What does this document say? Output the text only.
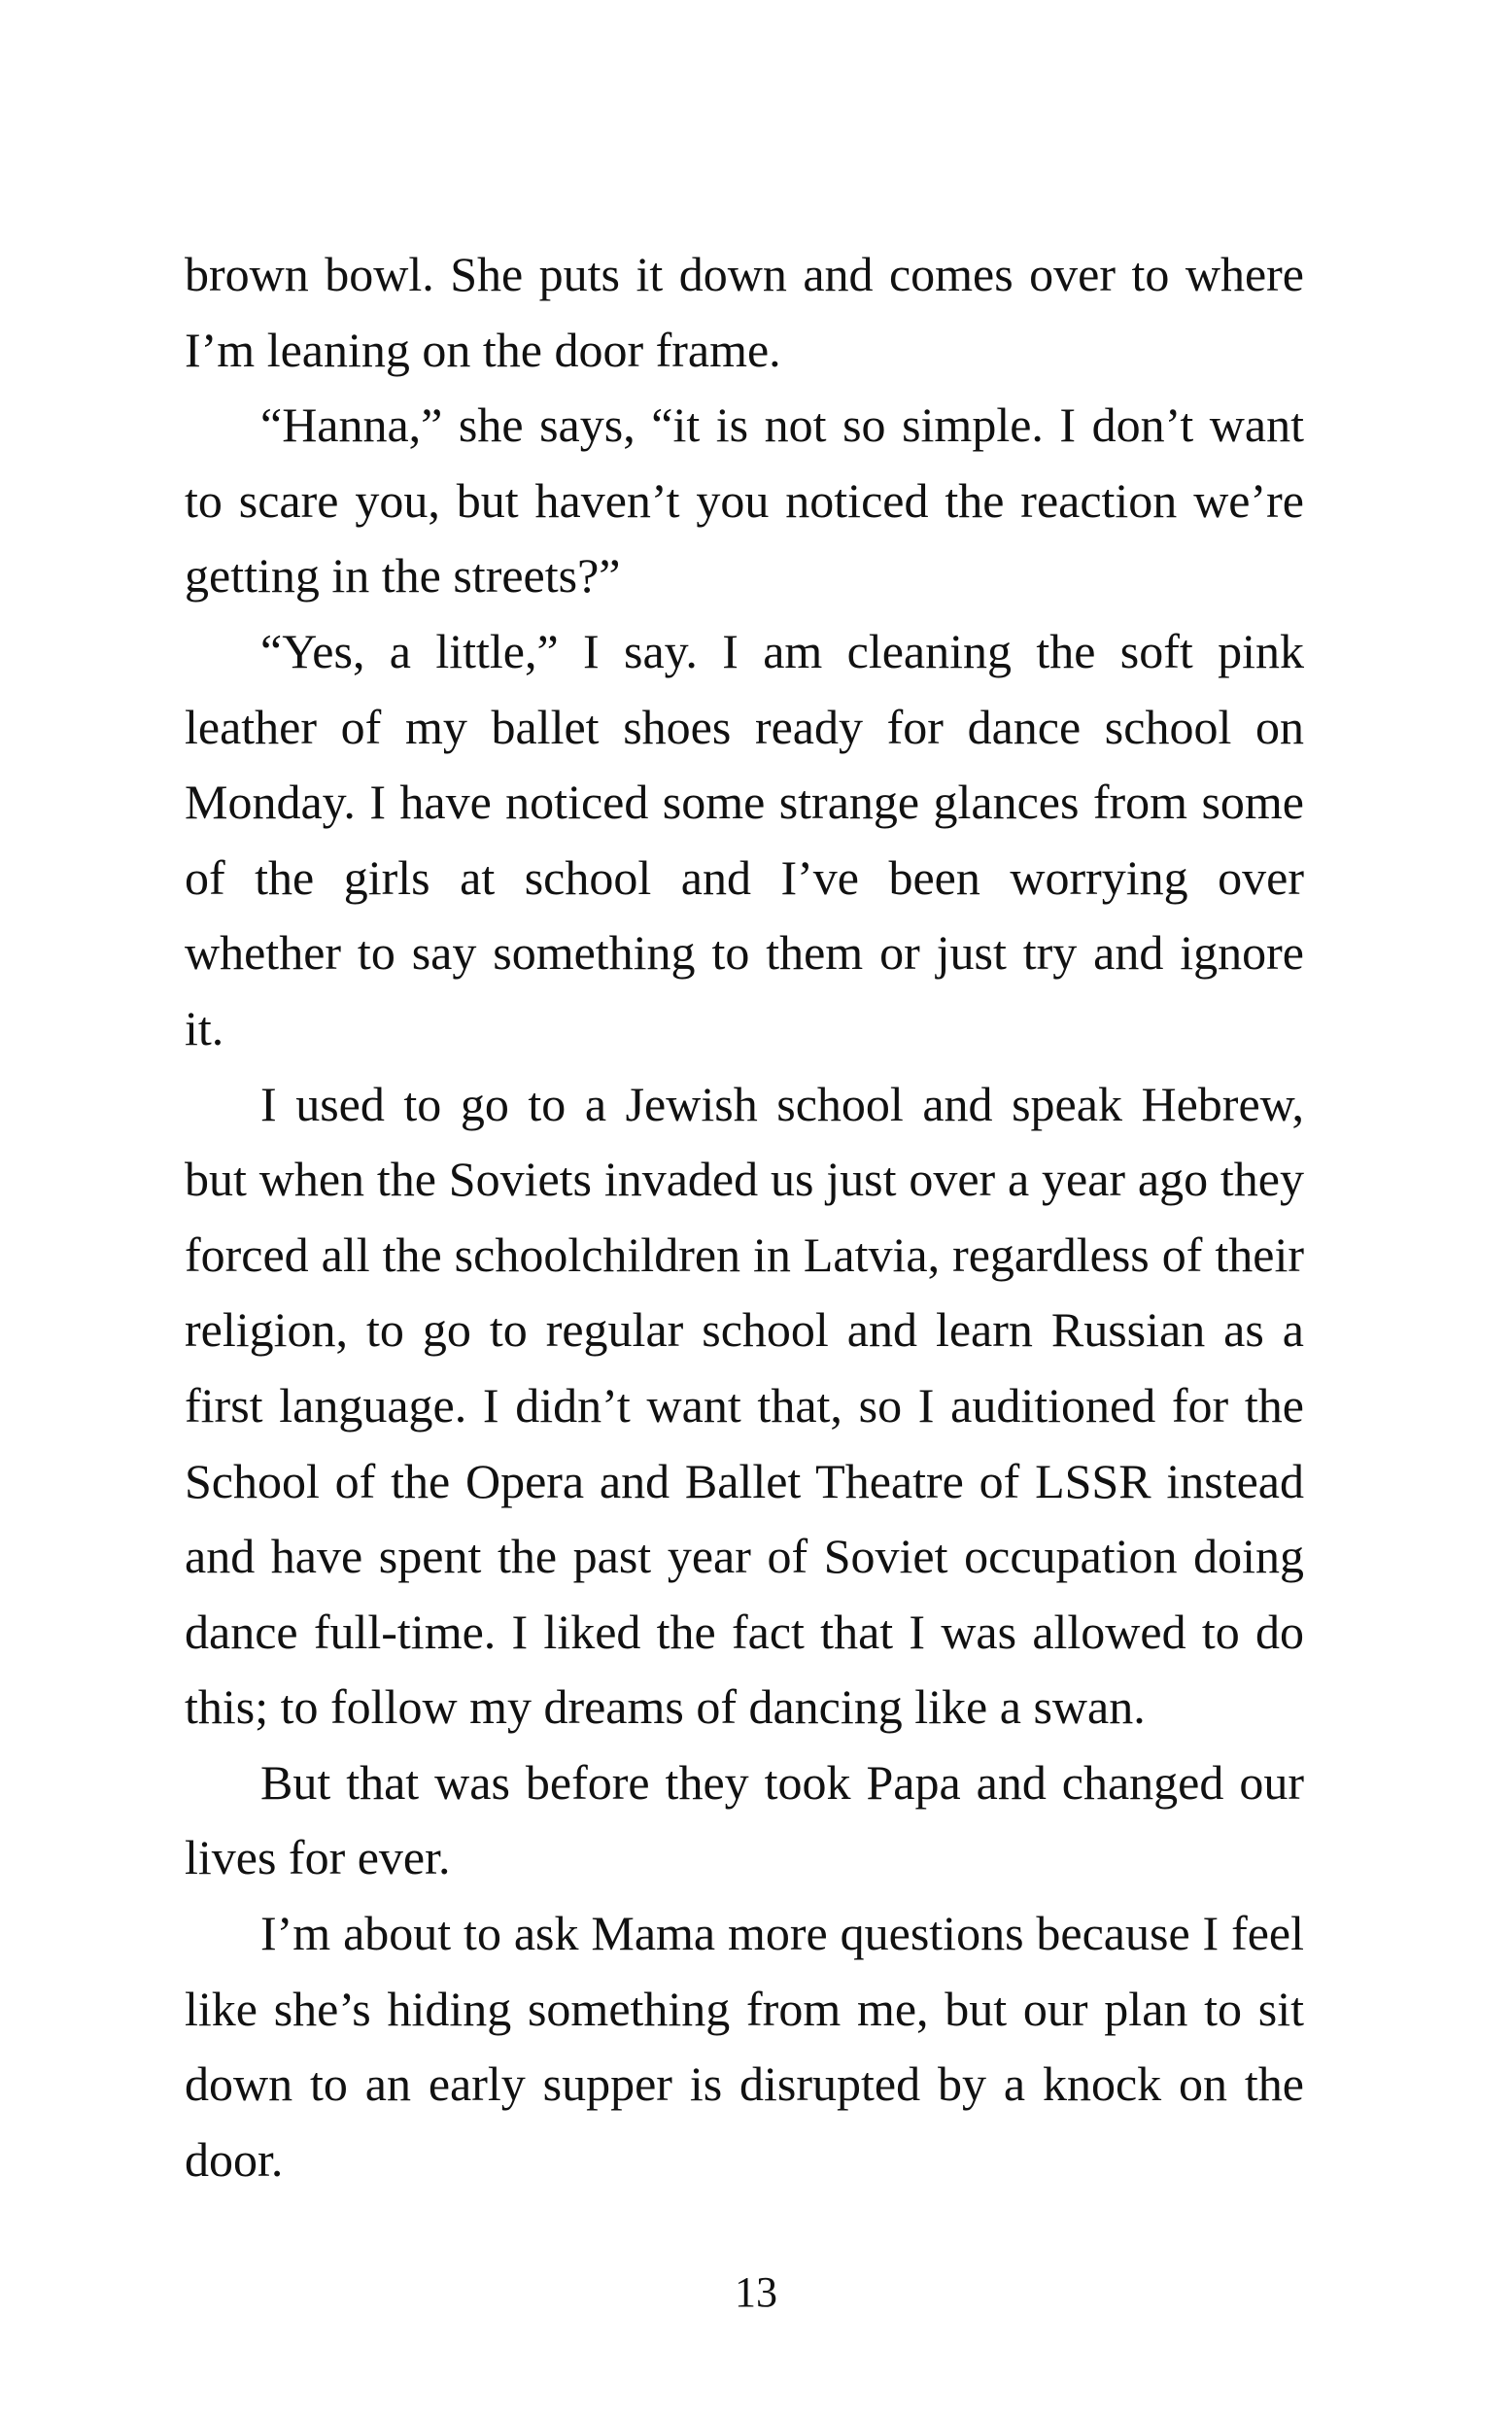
brown bowl. She puts it down and comes over to where I’m leaning on the door frame.

“Hanna,” she says, “it is not so simple. I don’t want to scare you, but haven’t you noticed the reaction we’re getting in the streets?”

“Yes, a little,” I say. I am cleaning the soft pink leather of my ballet shoes ready for dance school on Monday. I have noticed some strange glances from some of the girls at school and I’ve been worrying over whether to say something to them or just try and ignore it.

I used to go to a Jewish school and speak Hebrew, but when the Soviets invaded us just over a year ago they forced all the schoolchildren in Latvia, regardless of their religion, to go to regular school and learn Russian as a first language. I didn’t want that, so I auditioned for the School of the Opera and Ballet Theatre of LSSR instead and have spent the past year of Soviet occupation doing dance full-time. I liked the fact that I was allowed to do this; to follow my dreams of dancing like a swan.

But that was before they took Papa and changed our lives for ever.

I’m about to ask Mama more questions because I feel like she’s hiding something from me, but our plan to sit down to an early supper is disrupted by a knock on the door.

13
